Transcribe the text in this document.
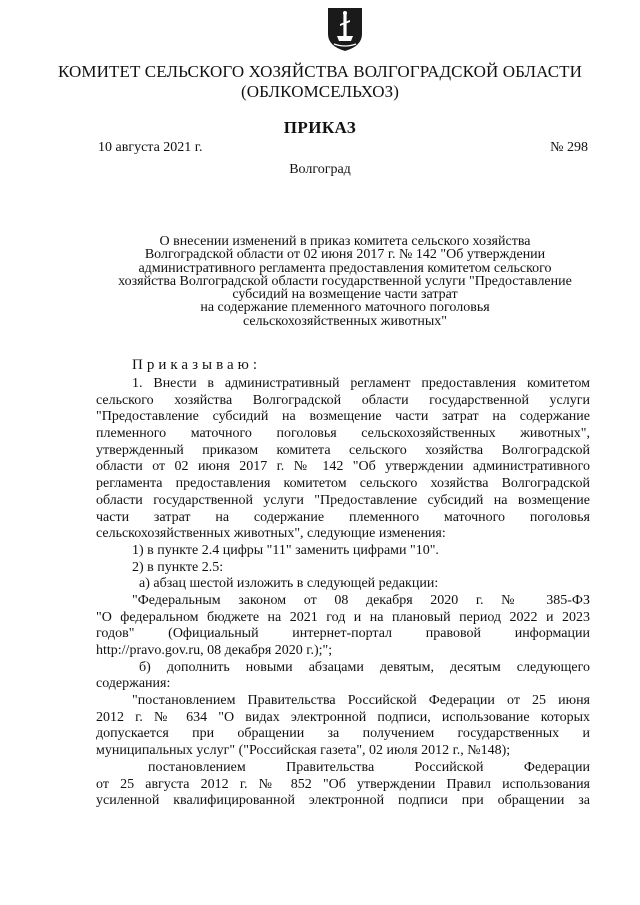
КОМИТЕТ СЕЛЬСКОГО ХОЗЯЙСТВА ВОЛГОГРАДСКОЙ ОБЛАСТИ
(ОБЛКОМСЕЛЬХОЗ)
ПРИКАЗ
10 августа 2021 г.	№ 298
Волгоград
О внесении изменений в приказ комитета сельского хозяйства
Волгоградской области от 02 июня 2017 г. № 142 "Об утверждении
административного регламента предоставления комитетом сельского
хозяйства Волгоградской области государственной услуги "Предоставление
субсидий на возмещение части затрат
на содержание племенного маточного поголовья
сельскохозяйственных животных"
Приказываю:
1. Внести в административный регламент предоставления комитетом
сельского хозяйства Волгоградской области государственной услуги
"Предоставление субсидий на возмещение части затрат на содержание
племенного маточного поголовья сельскохозяйственных животных",
утвержденный приказом комитета сельского хозяйства Волгоградской
области от 02 июня 2017 г. № 142 "Об утверждении административного
регламента предоставления комитетом сельского хозяйства Волгоградской
области государственной услуги "Предоставление субсидий на возмещение
части затрат на содержание племенного маточного поголовья
сельскохозяйственных животных", следующие изменения:
1) в пункте 2.4 цифры "11" заменить цифрами "10".
2) в пункте 2.5:
а) абзац шестой изложить в следующей редакции:
"Федеральным законом от 08 декабря 2020 г. № 385-ФЗ
"О федеральном бюджете на 2021 год и на плановый период 2022 и 2023
годов" (Официальный интернет-портал правовой информации
http://pravo.gov.ru, 08 декабря 2020 г.);";
б) дополнить новыми абзацами девятым, десятым следующего
содержания:
"постановлением Правительства Российской Федерации от 25 июня
2012 г. № 634 "О видах электронной подписи, использование которых
допускается при обращении за получением государственных и
муниципальных услуг" ("Российская газета", 02 июля 2012 г., №148);
постановлением Правительства Российской Федерации
от 25 августа 2012 г. № 852 "Об утверждении Правил использования
усиленной квалифицированной электронной подписи при обращении за
